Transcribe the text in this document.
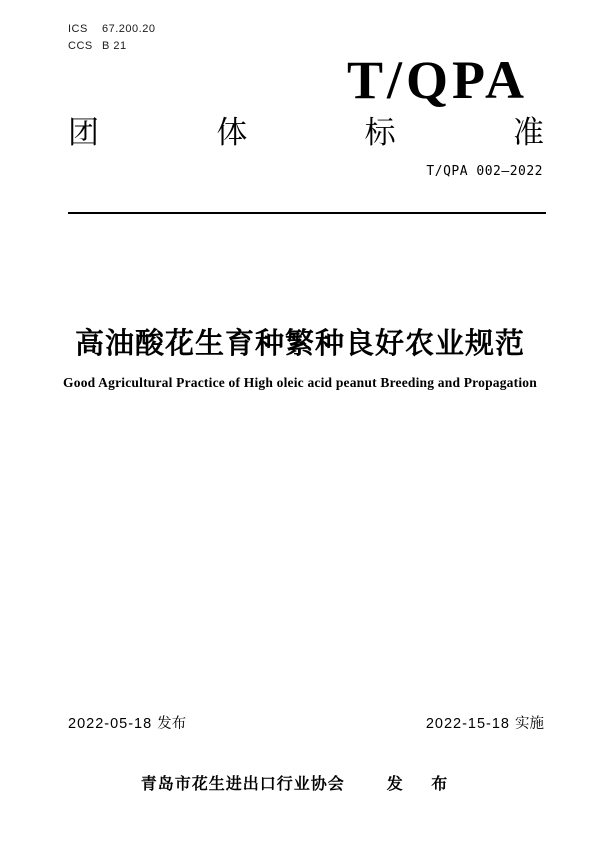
ICS 67.200.20
CCS B 21
T/QPA
团	体	标	准
T/QPA 002—2022
高油酸花生育种繁种良好农业规范
Good Agricultural Practice of High oleic acid peanut Breeding and Propagation
2022-05-18 发布	2022-15-18 实施
青岛市花生进出口行业协会	发 布
